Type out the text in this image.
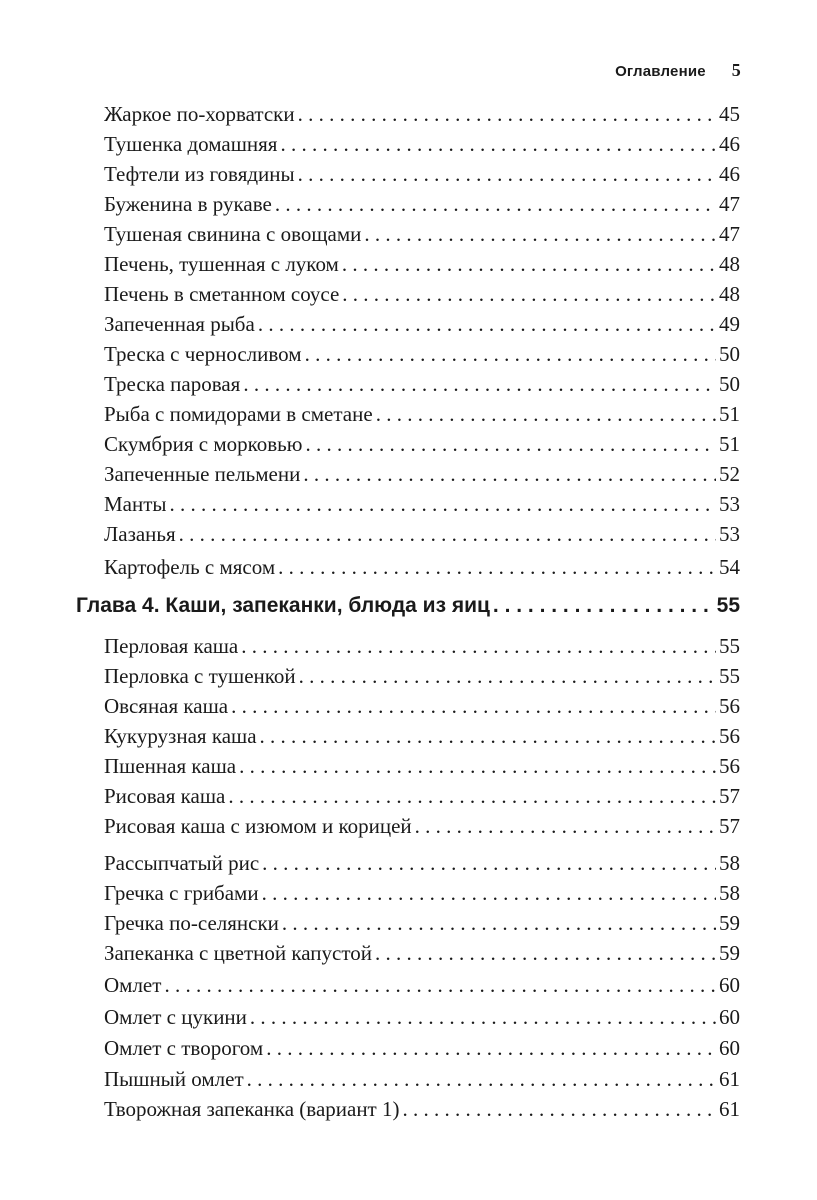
Оглавление 5
Жаркое по-хорватски . . .	45
Тушенка домашняя . . .	46
Тефтели из говядины . . .	46
Буженина в рукаве . . .	47
Тушеная свинина с овощами . . .	47
Печень, тушенная с луком . . .	48
Печень в сметанном соусе . . .	48
Запеченная рыба . . .	49
Треска с черносливом . . .	50
Треска паровая . . .	50
Рыба с помидорами в сметане . . .	51
Скумбрия с морковью . . .	51
Запеченные пельмени . . .	52
Манты . . .	53
Лазанья . . .	53
Картофель с мясом . . .	54
Глава 4. Каши, запеканки, блюда из яиц . . .	55
Перловая каша . . .	55
Перловка с тушенкой . . .	55
Овсяная каша . . .	56
Кукурузная каша . . .	56
Пшенная каша . . .	56
Рисовая каша . . .	57
Рисовая каша с изюмом и корицей . . .	57
Рассыпчатый рис . . .	58
Гречка с грибами . . .	58
Гречка по-селянски . . .	59
Запеканка с цветной капустой . . .	59
Омлет . . .	60
Омлет с цукини . . .	60
Омлет с творогом . . .	60
Пышный омлет . . .	61
Творожная запеканка (вариант 1) . . .	61
